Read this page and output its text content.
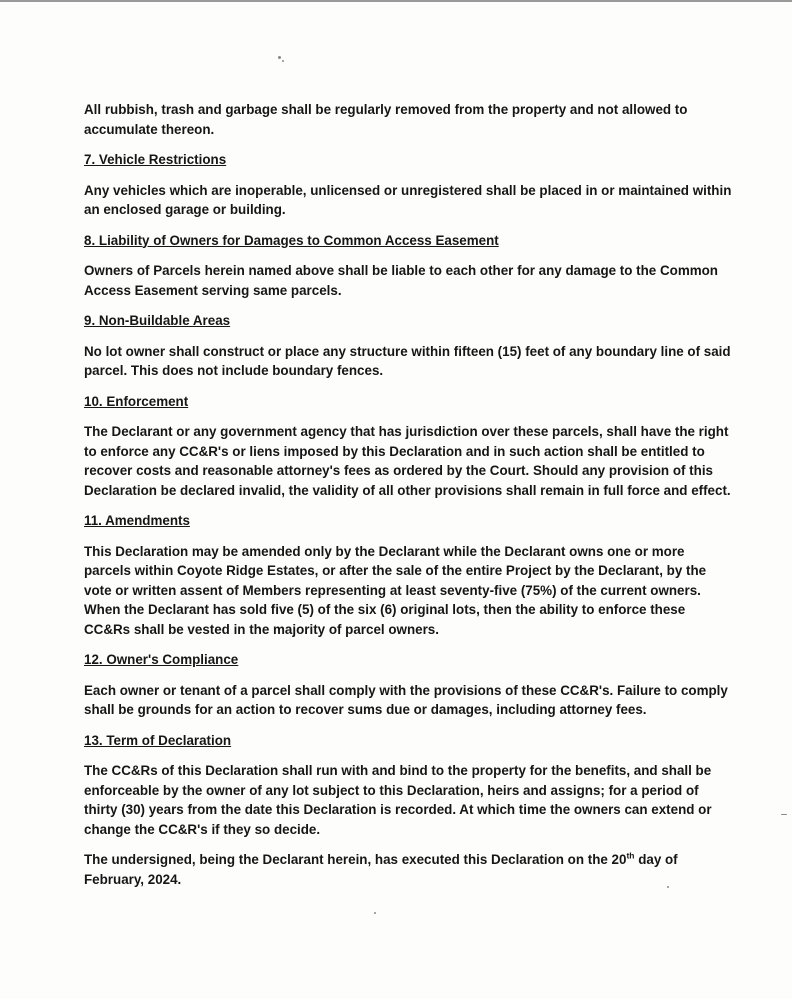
All rubbish, trash and garbage shall be regularly removed from the property and not allowed to accumulate thereon.

7. Vehicle Restrictions

Any vehicles which are inoperable, unlicensed or unregistered shall be placed in or maintained within an enclosed garage or building.

8. Liability of Owners for Damages to Common Access Easement

Owners of Parcels herein named above shall be liable to each other for any damage to the Common Access Easement serving same parcels.

9. Non-Buildable Areas

No lot owner shall construct or place any structure within fifteen (15) feet of any boundary line of said parcel. This does not include boundary fences.

10. Enforcement

The Declarant or any government agency that has jurisdiction over these parcels, shall have the right to enforce any CC&R's or liens imposed by this Declaration and in such action shall be entitled to recover costs and reasonable attorney's fees as ordered by the Court. Should any provision of this Declaration be declared invalid, the validity of all other provisions shall remain in full force and effect.

11. Amendments

This Declaration may be amended only by the Declarant while the Declarant owns one or more parcels within Coyote Ridge Estates, or after the sale of the entire Project by the Declarant, by the vote or written assent of Members representing at least seventy-five (75%) of the current owners. When the Declarant has sold five (5) of the six (6) original lots, then the ability to enforce these CC&Rs shall be vested in the majority of parcel owners.

12. Owner's Compliance

Each owner or tenant of a parcel shall comply with the provisions of these CC&R's. Failure to comply shall be grounds for an action to recover sums due or damages, including attorney fees.

13. Term of Declaration

The CC&Rs of this Declaration shall run with and bind to the property for the benefits, and shall be enforceable by the owner of any lot subject to this Declaration, heirs and assigns; for a period of thirty (30) years from the date this Declaration is recorded. At which time the owners can extend or change the CC&R's if they so decide.

The undersigned, being the Declarant herein, has executed this Declaration on the 20th day of February, 2024.
